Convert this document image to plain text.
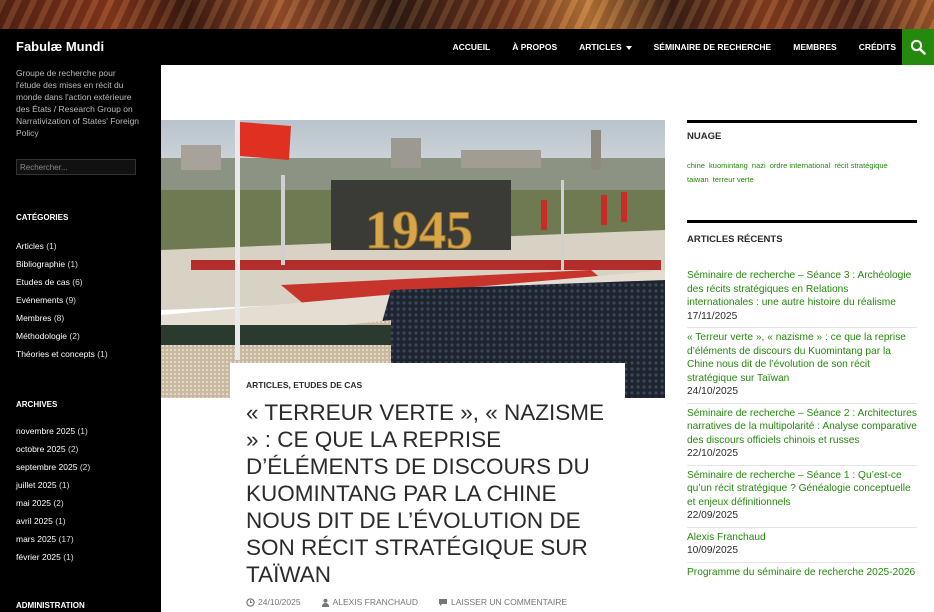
Fabulæ Mundi	ACCUEIL	À PROPOS	ARTICLES	SÉMINAIRE DE RECHERCHE	MEMBRES	CRÉDITS
Groupe de recherche pour l'étude des mises en récit du monde dans l'action extérieure des États / Research Group on Narrativization of States' Foreign Policy
Rechercher...
CATÉGORIES
Articles (1)
Bibliographie (1)
Etudes de cas (6)
Evénements (9)
Membres (8)
Méthodologie (2)
Théories et concepts (1)
ARCHIVES
novembre 2025 (1)
octobre 2025 (2)
septembre 2025 (2)
juillet 2025 (1)
mai 2025 (2)
avril 2025 (1)
mars 2025 (17)
février 2025 (1)
ADMINISTRATION
1945
ARTICLES, ETUDES DE CAS
« TERREUR VERTE », « NAZISME » : CE QUE LA REPRISE D’ÉLÉMENTS DE DISCOURS DU KUOMINTANG PAR LA CHINE NOUS DIT DE L’ÉVOLUTION DE SON RÉCIT STRATÉGIQUE SUR TAÏWAN
24/10/2025	ALEXIS FRANCHAUD	LAISSER UN COMMENTAIRE
NUAGE
chine kuomintang nazi ordre international récit stratégique taiwan terreur verte
ARTICLES RÉCENTS
Séminaire de recherche – Séance 3 : Archéologie des récits stratégiques en Relations internationales : une autre histoire du réalisme
17/11/2025
« Terreur verte », « nazisme » : ce que la reprise d’éléments de discours du Kuomintang par la Chine nous dit de l’évolution de son récit stratégique sur Taïwan
24/10/2025
Séminaire de recherche – Séance 2 : Architectures narratives de la multipolarité : Analyse comparative des discours officiels chinois et russes
22/10/2025
Séminaire de recherche – Séance 1 : Qu’est-ce qu’un récit stratégique ? Généalogie conceptuelle et enjeux définitionnels
22/09/2025
Alexis Franchaud
10/09/2025
Programme du séminaire de recherche 2025-2026
